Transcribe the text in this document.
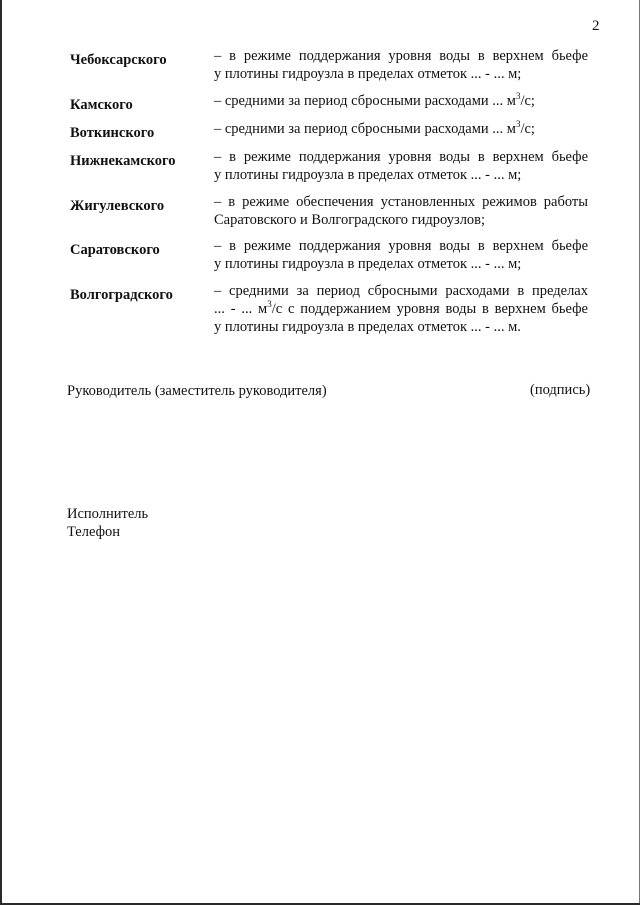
2
Чебоксарского	– в режиме поддержания уровня воды в верхнем бьефе
у плотины гидроузла в пределах отметок ... - ... м;
Камского	– средними за период сбросными расходами ... $м^3/с$;
Воткинского	– средними за период сбросными расходами ... $м^3/с$;
Нижнекамского	– в режиме поддержания уровня воды в верхнем бьефе
у плотины гидроузла в пределах отметок ... - ... м;
Жигулевского	– в режиме обеспечения установленных режимов работы
Саратовского и Волгоградского гидроузлов;
Саратовского	– в режиме поддержания уровня воды в верхнем бьефе
у плотины гидроузла в пределах отметок ... - ... м;
Волгоградского	– средними за период сбросными расходами в пределах
... - ... $м^3/с$ с поддержанием уровня воды в верхнем бьефе
у плотины гидроузла в пределах отметок ... - ... м.
Руководитель (заместитель руководителя)	(подпись)
Исполнитель
Телефон
